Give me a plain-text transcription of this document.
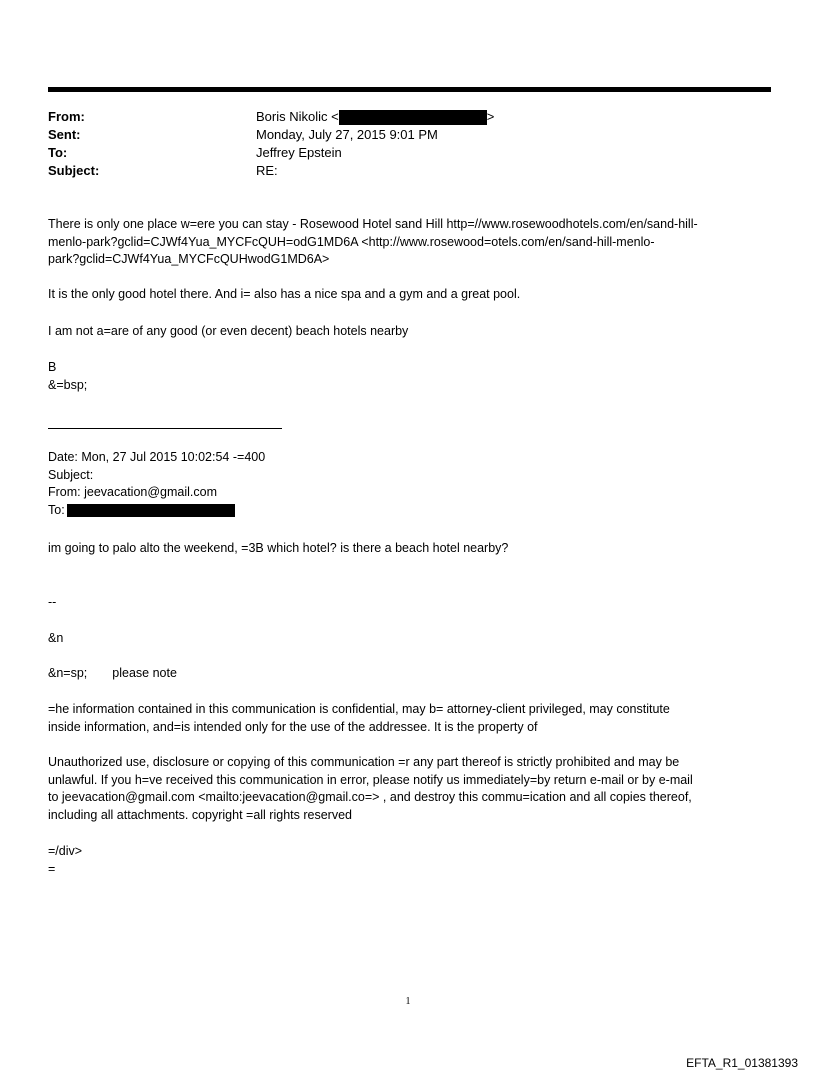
From:	Boris Nikolic <	>
Sent:	Monday, July 27, 2015 9:01 PM
To:	Jeffrey Epstein
Subject:	RE:

There is only one place w=ere you can stay - Rosewood Hotel sand Hill http=//www.rosewoodhotels.com/en/sand-hill-

menlo-park?gclid=CJWf4Yua_MYCFcQUH=odG1MD6A <http://www.rosewood=otels.com/en/sand-hill-menlo-

park?gclid=CJWf4Yua_MYCFcQUHwodG1MD6A>

It is the only good hotel there. And i= also has a nice spa and a gym and a great pool.
I am not a=are of any good (or even decent) beach hotels nearby

B

&=bsp;

Date: Mon, 27 Jul 2015 10:02:54 -=400

Subject:

From: jeevacation@gmail.com

To:

im going to palo alto the weekend, =3B which hotel? is there a beach hotel nearby?
--
&n
&n=sp; please note

=he information contained in this communication is confidential, may b= attorney-client privileged, may constitute

inside information, and=is intended only for the use of the addressee. It is the property of

Unauthorized use, disclosure or copying of this communication =r any part thereof is strictly prohibited and may be

unlawful. If you h=ve received this communication in error, please notify us immediately=by return e-mail or by e-mail

to jeevacation@gmail.com <mailto:jeevacation@gmail.co=> , and destroy this commu=ication and all copies thereof,

including all attachments. copyright =all rights reserved

=/div>

=

1
EFTA_R1_01381393
